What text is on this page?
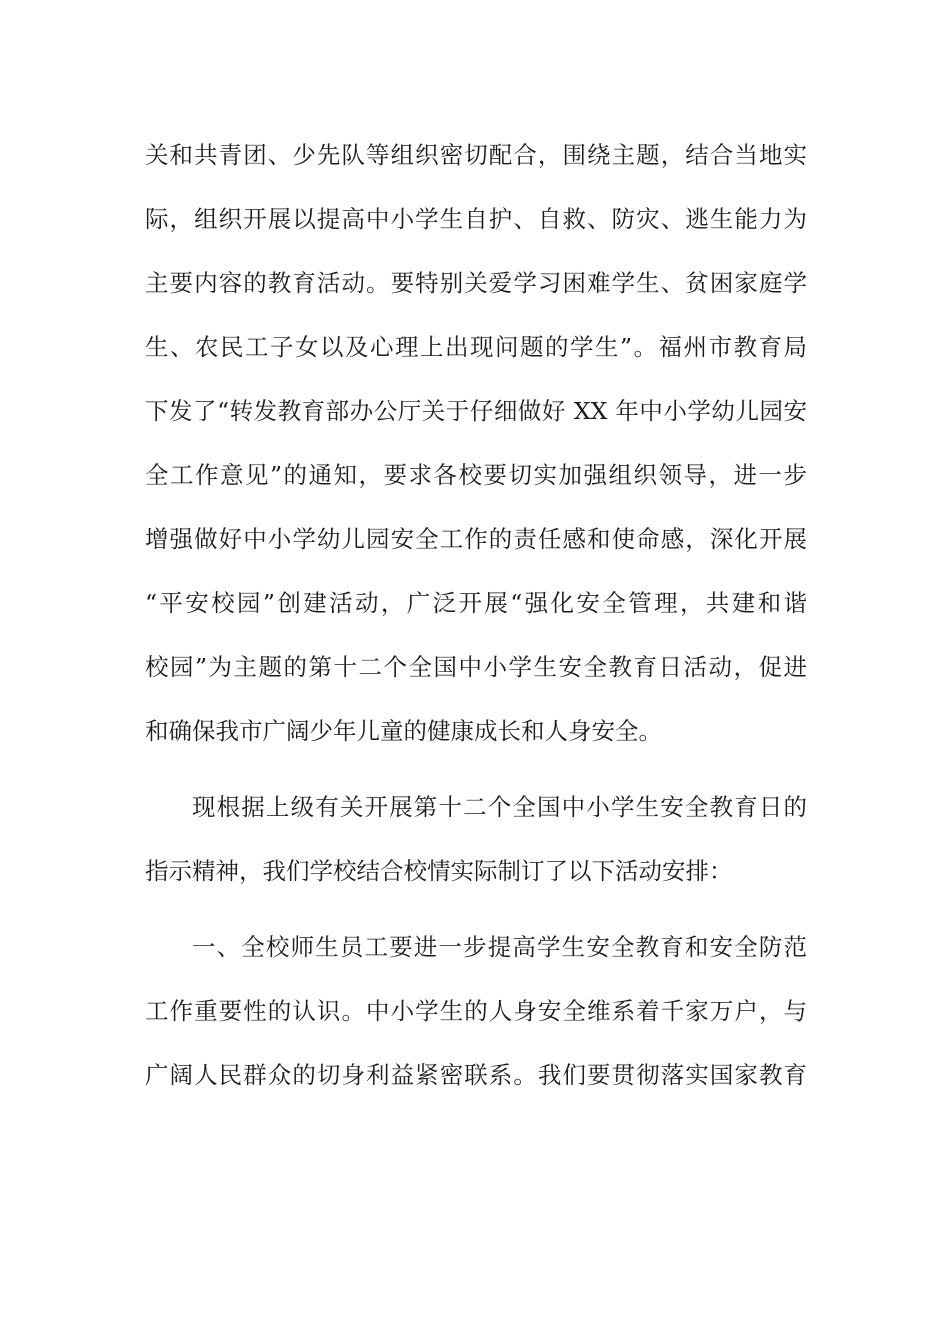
关和共青团、少先队等组织密切配合，围绕主题，结合当地实
际，组织开展以提高中小学生自护、自救、防灾、逃生能力为
主要内容的教育活动。要特别关爱学习困难学生、贫困家庭学
生、农民工子女以及心理上出现问题的学生”。福州市教育局
下发了“转发教育部办公厅关于仔细做好 XX 年中小学幼儿园安
全工作意见”的通知，要求各校要切实加强组织领导，进一步
增强做好中小学幼儿园安全工作的责任感和使命感，深化开展
“平安校园”创建活动，广泛开展“强化安全管理，共建和谐
校园”为主题的第十二个全国中小学生安全教育日活动，促进
和确保我市广阔少年儿童的健康成长和人身安全。
现根据上级有关开展第十二个全国中小学生安全教育日的
指示精神，我们学校结合校情实际制订了以下活动安排：
一、全校师生员工要进一步提高学生安全教育和安全防范
工作重要性的认识。中小学生的人身安全维系着千家万户，与
广阔人民群众的切身利益紧密联系。我们要贯彻落实国家教育
